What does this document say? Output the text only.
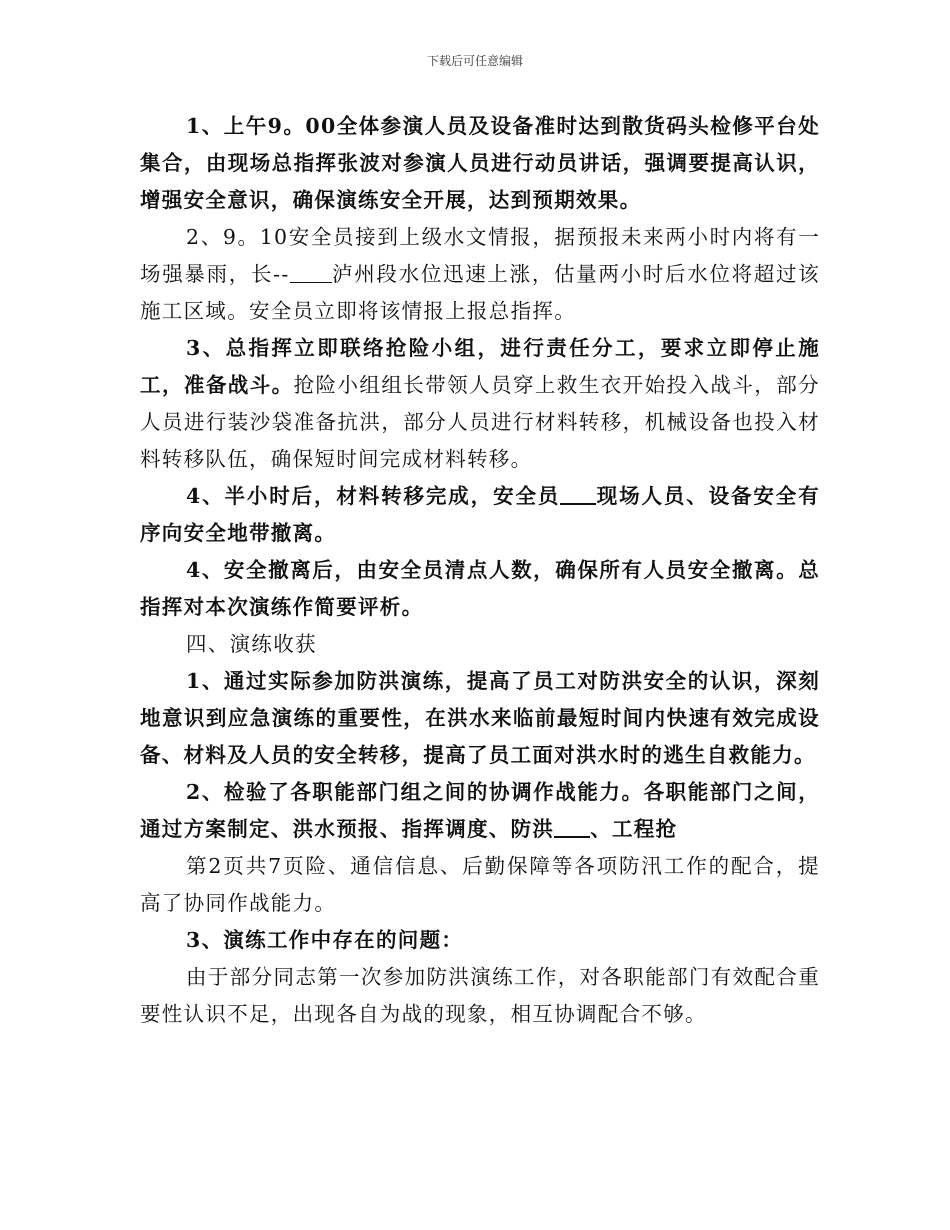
下载后可任意编辑

1、上午9。00全体参演人员及设备准时达到散货码头检修平台处集合，由现场总指挥张波对参演人员进行动员讲话，强调要提高认识，增强安全意识，确保演练安全开展，达到预期效果。

2、9。10安全员接到上级水文情报，据预报未来两小时内将有一场强暴雨，长-- 泸州段水位迅速上涨，估量两小时后水位将超过该施工区域。安全员立即将该情报上报总指挥。

3、总指挥立即联络抢险小组，进行责任分工，要求立即停止施工，准备战斗。抢险小组组长带领人员穿上救生衣开始投入战斗，部分人员进行装沙袋准备抗洪，部分人员进行材料转移，机械设备也投入材料转移队伍，确保短时间完成材料转移。

4、半小时后，材料转移完成，安全员 现场人员、设备安全有序向安全地带撤离。

4、安全撤离后，由安全员清点人数，确保所有人员安全撤离。总指挥对本次演练作简要评析。

四、演练收获

1、通过实际参加防洪演练，提高了员工对防洪安全的认识，深刻地意识到应急演练的重要性，在洪水来临前最短时间内快速有效完成设备、材料及人员的安全转移，提高了员工面对洪水时的逃生自救能力。

2、检验了各职能部门组之间的协调作战能力。各职能部门之间，通过方案制定、洪水预报、指挥调度、防洪 、工程抢

第2页共7页险、通信信息、后勤保障等各项防汛工作的配合，提高了协同作战能力。

3、演练工作中存在的问题：

由于部分同志第一次参加防洪演练工作，对各职能部门有效配合重要性认识不足，出现各自为战的现象，相互协调配合不够。
